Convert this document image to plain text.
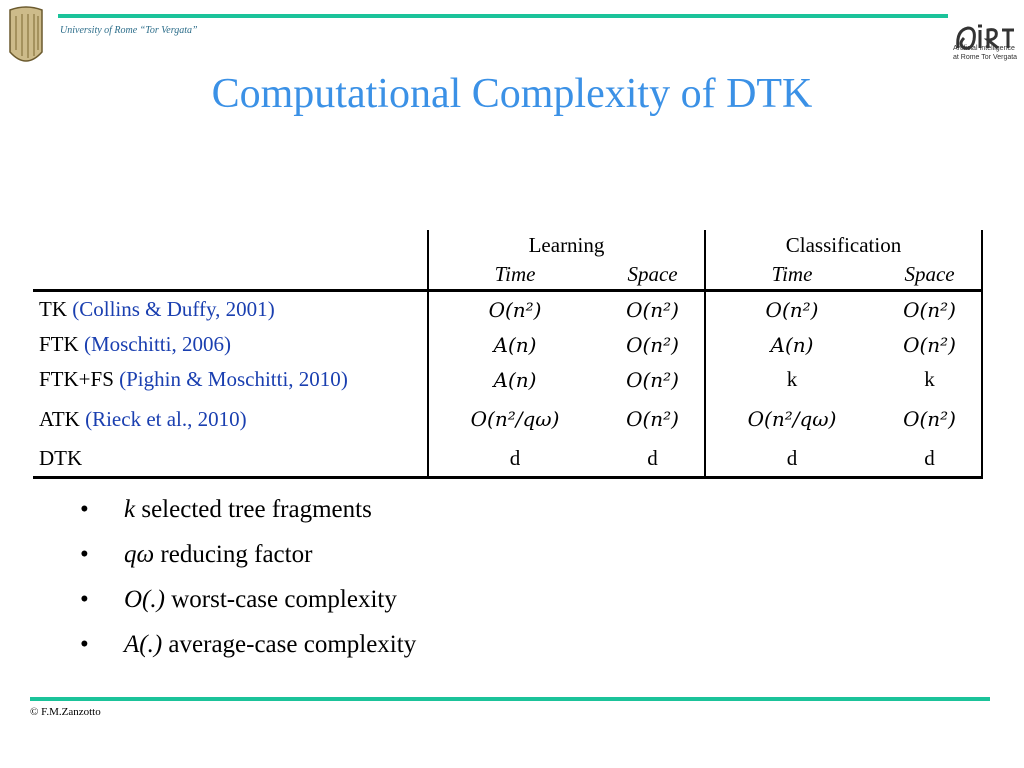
University of Rome “Tor Vergata”
Artificial Intelligence
at Rome Tor Vergata
Computational Complexity of DTK
	Learning		Classification	
	Time	Space	Time	Space
TK (Collins & Duffy, 2001)	O(n²)	O(n²)	O(n²)	O(n²)
FTK (Moschitti, 2006)	A(n)	O(n²)	A(n)	O(n²)
FTK+FS (Pighin & Moschitti, 2010)	A(n)	O(n²)	k	k
ATK (Rieck et al., 2010)	O(n²/qω)	O(n²)	O(n²/qω)	O(n²)
DTK	d	d	d	d
• k selected tree fragments
• qω reducing factor
• O(.) worst-case complexity
• A(.) average-case complexity
© F.M.Zanzotto
